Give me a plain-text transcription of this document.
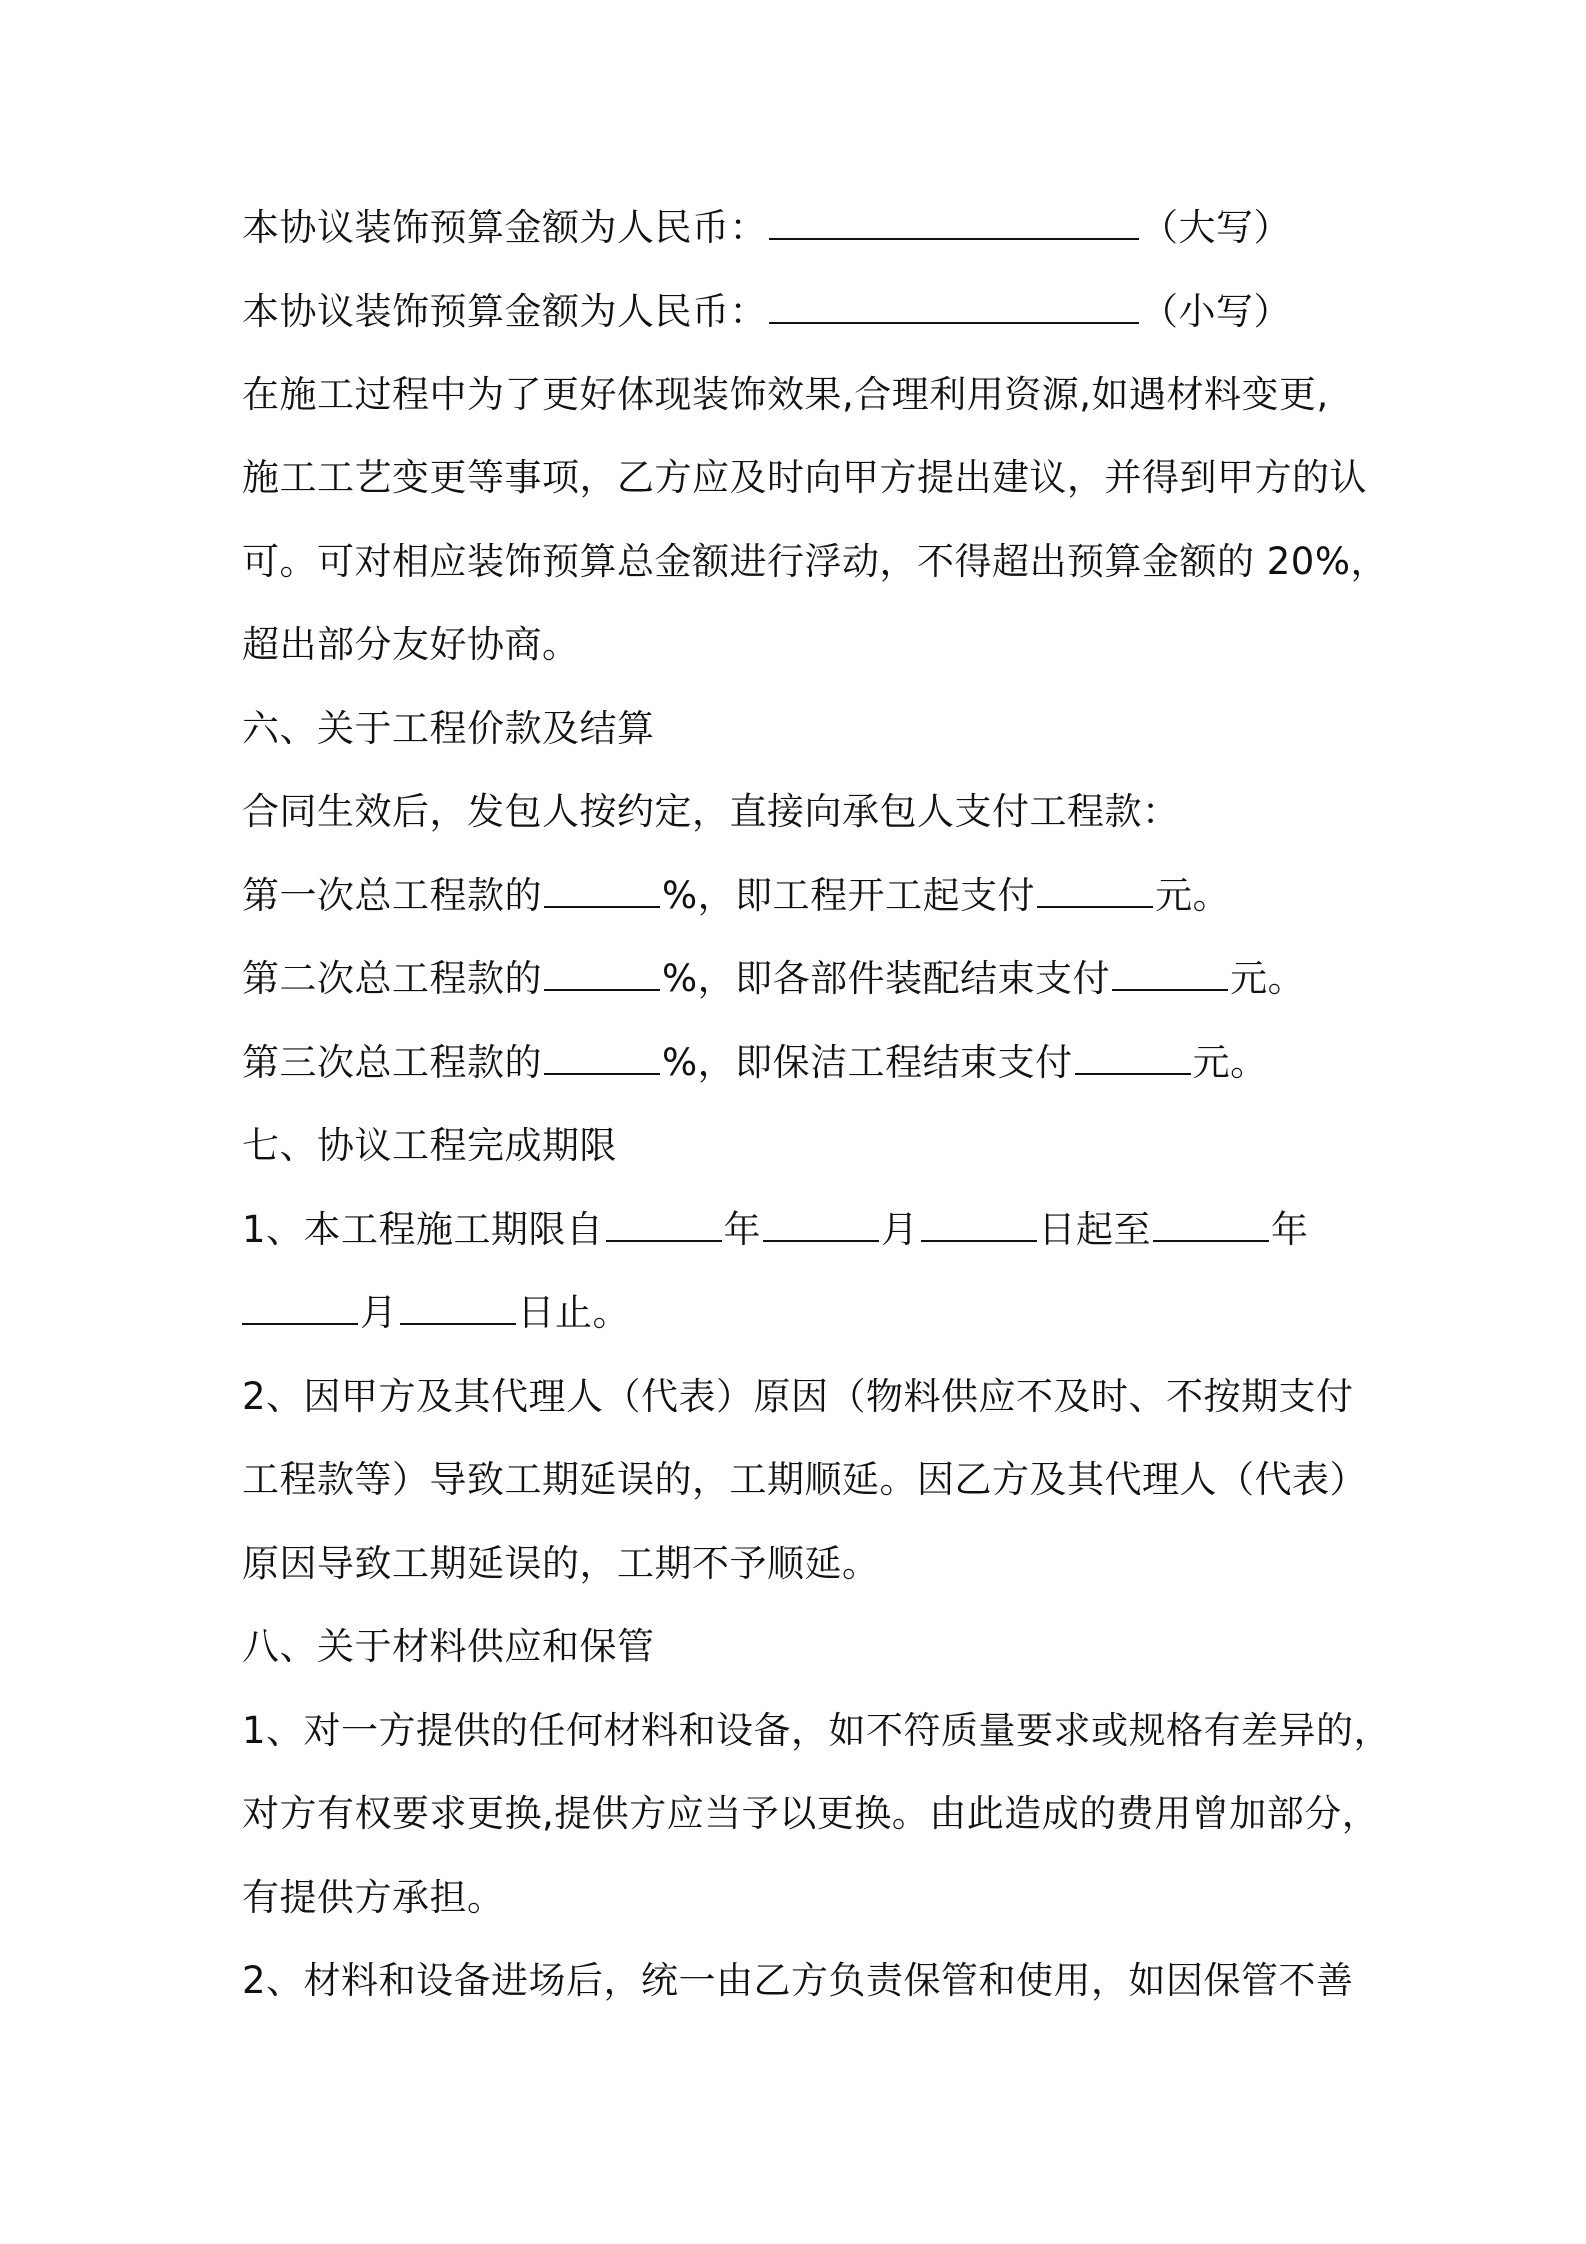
本协议装饰预算金额为人民币：	（大写）
本协议装饰预算金额为人民币：	（小写）
在施工过程中为了更好体现装饰效果,合理利用资源,如遇材料变更,
施工工艺变更等事项，乙方应及时向甲方提出建议，并得到甲方的认
可。可对相应装饰预算总金额进行浮动，不得超出预算金额的 20%，
超出部分友好协商。
六、关于工程价款及结算
合同生效后，发包人按约定，直接向承包人支付工程款：
第一次总工程款的	%，即工程开工起支付	元。
第二次总工程款的	%，即各部件装配结束支付	元。
第三次总工程款的	%，即保洁工程结束支付	元。
七、协议工程完成期限
1、本工程施工期限自	年	月	日起至	年
月	日止。
2、因甲方及其代理人（代表）原因（物料供应不及时、不按期支付
工程款等）导致工期延误的，工期顺延。因乙方及其代理人（代表）
原因导致工期延误的，工期不予顺延。
八、关于材料供应和保管
1、对一方提供的任何材料和设备，如不符质量要求或规格有差异的，
对方有权要求更换,提供方应当予以更换。由此造成的费用曾加部分，
有提供方承担。
2、材料和设备进场后，统一由乙方负责保管和使用，如因保管不善
